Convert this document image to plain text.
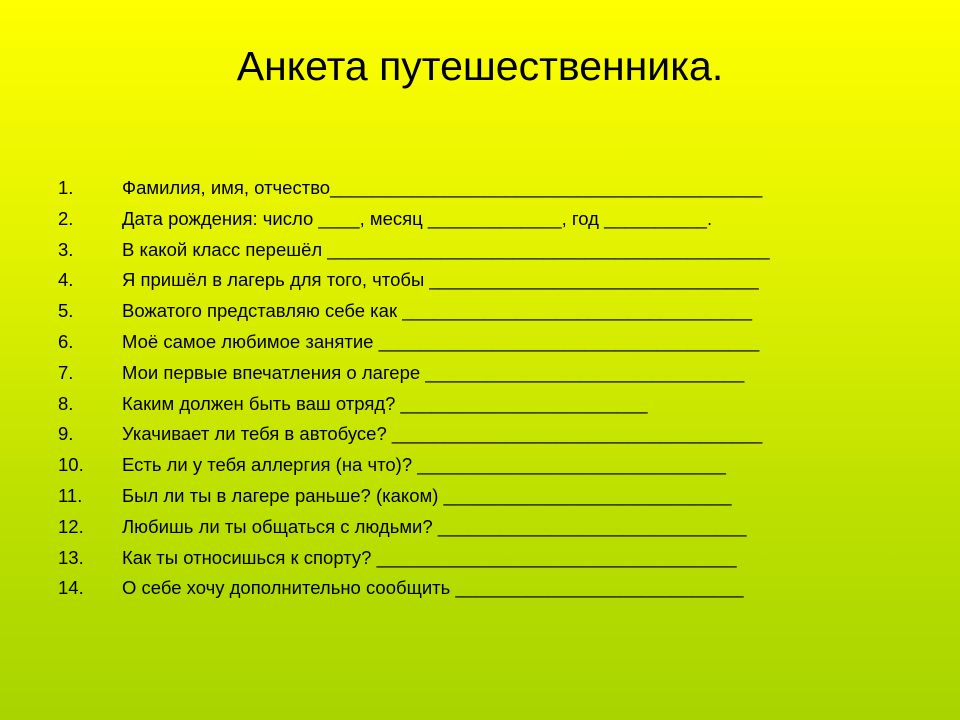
Анкета путешественника.
1.	Фамилия, имя, отчество__________________________________________
2.	Дата рождения: число ____, месяц _____________, год __________.
3.	В какой класс перешёл ___________________________________________
4.	Я пришёл в лагерь для того, чтобы ________________________________
5.	Вожатого представляю себе как __________________________________
6.	Моё самое любимое занятие _____________________________________
7.	Мои первые впечатления о лагере _______________________________
8.	Каким должен быть ваш отряд? ________________________
9.	Укачивает ли тебя в автобусе? ____________________________________
10. Есть ли у тебя аллергия (на что)? ______________________________
11. Был ли ты в лагере раньше? (каком) ____________________________
12. Любишь ли ты общаться с людьми? ______________________________
13. Как ты относишься к спорту? ___________________________________
14. О себе хочу дополнительно сообщить ____________________________
